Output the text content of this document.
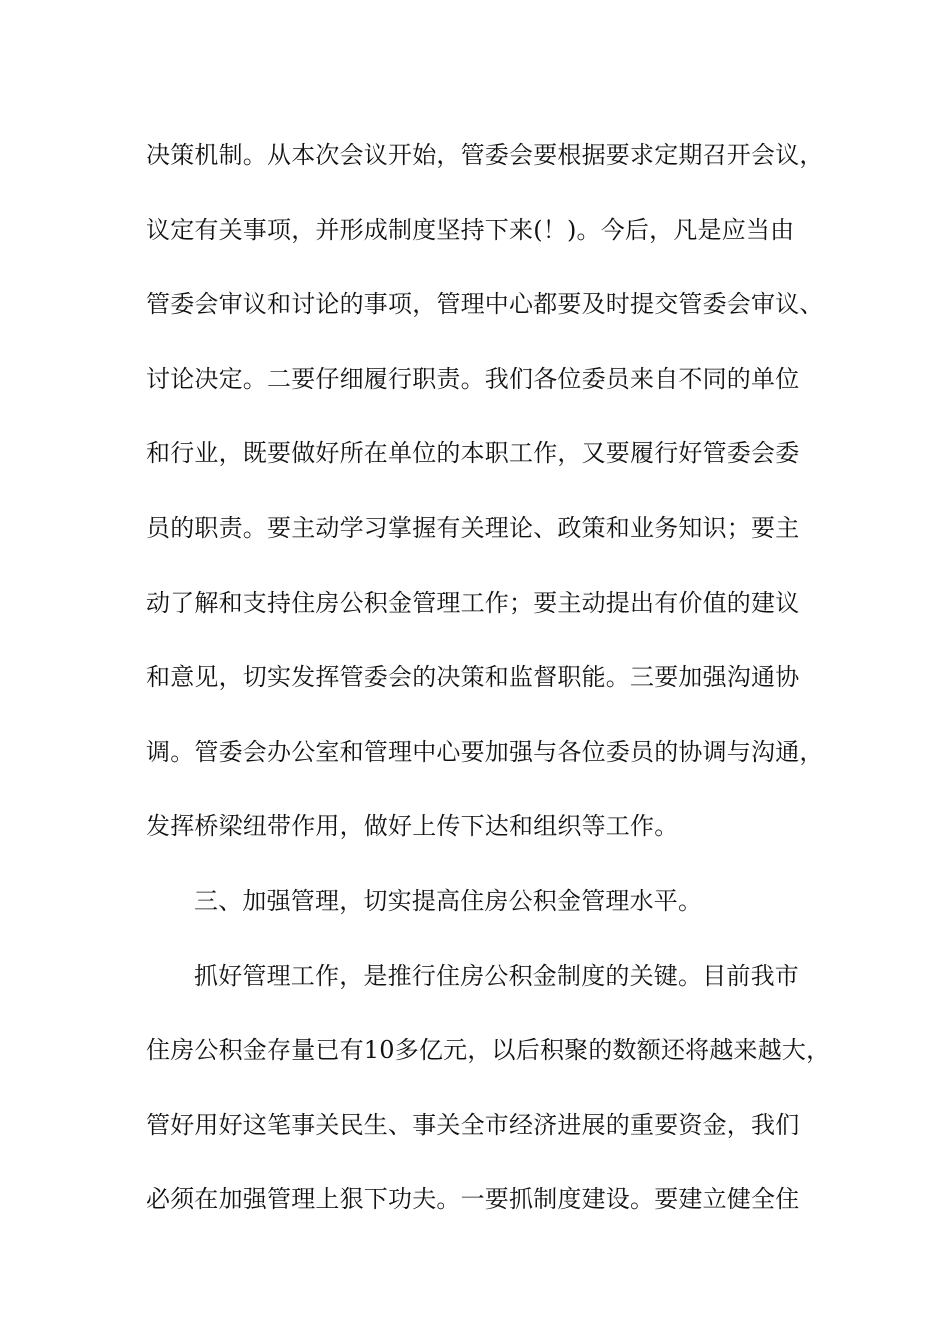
决策机制。从本次会议开始，管委会要根据要求定期召开会议，
议定有关事项，并形成制度坚持下来(！)。今后，凡是应当由
管委会审议和讨论的事项，管理中心都要及时提交管委会审议、
讨论决定。二要仔细履行职责。我们各位委员来自不同的单位
和行业，既要做好所在单位的本职工作，又要履行好管委会委
员的职责。要主动学习掌握有关理论、政策和业务知识；要主
动了解和支持住房公积金管理工作；要主动提出有价值的建议
和意见，切实发挥管委会的决策和监督职能。三要加强沟通协
调。管委会办公室和管理中心要加强与各位委员的协调与沟通，
发挥桥梁纽带作用，做好上传下达和组织等工作。
三、加强管理，切实提高住房公积金管理水平。
抓好管理工作，是推行住房公积金制度的关键。目前我市
住房公积金存量已有10多亿元，以后积聚的数额还将越来越大，
管好用好这笔事关民生、事关全市经济进展的重要资金，我们
必须在加强管理上狠下功夫。一要抓制度建设。要建立健全住
